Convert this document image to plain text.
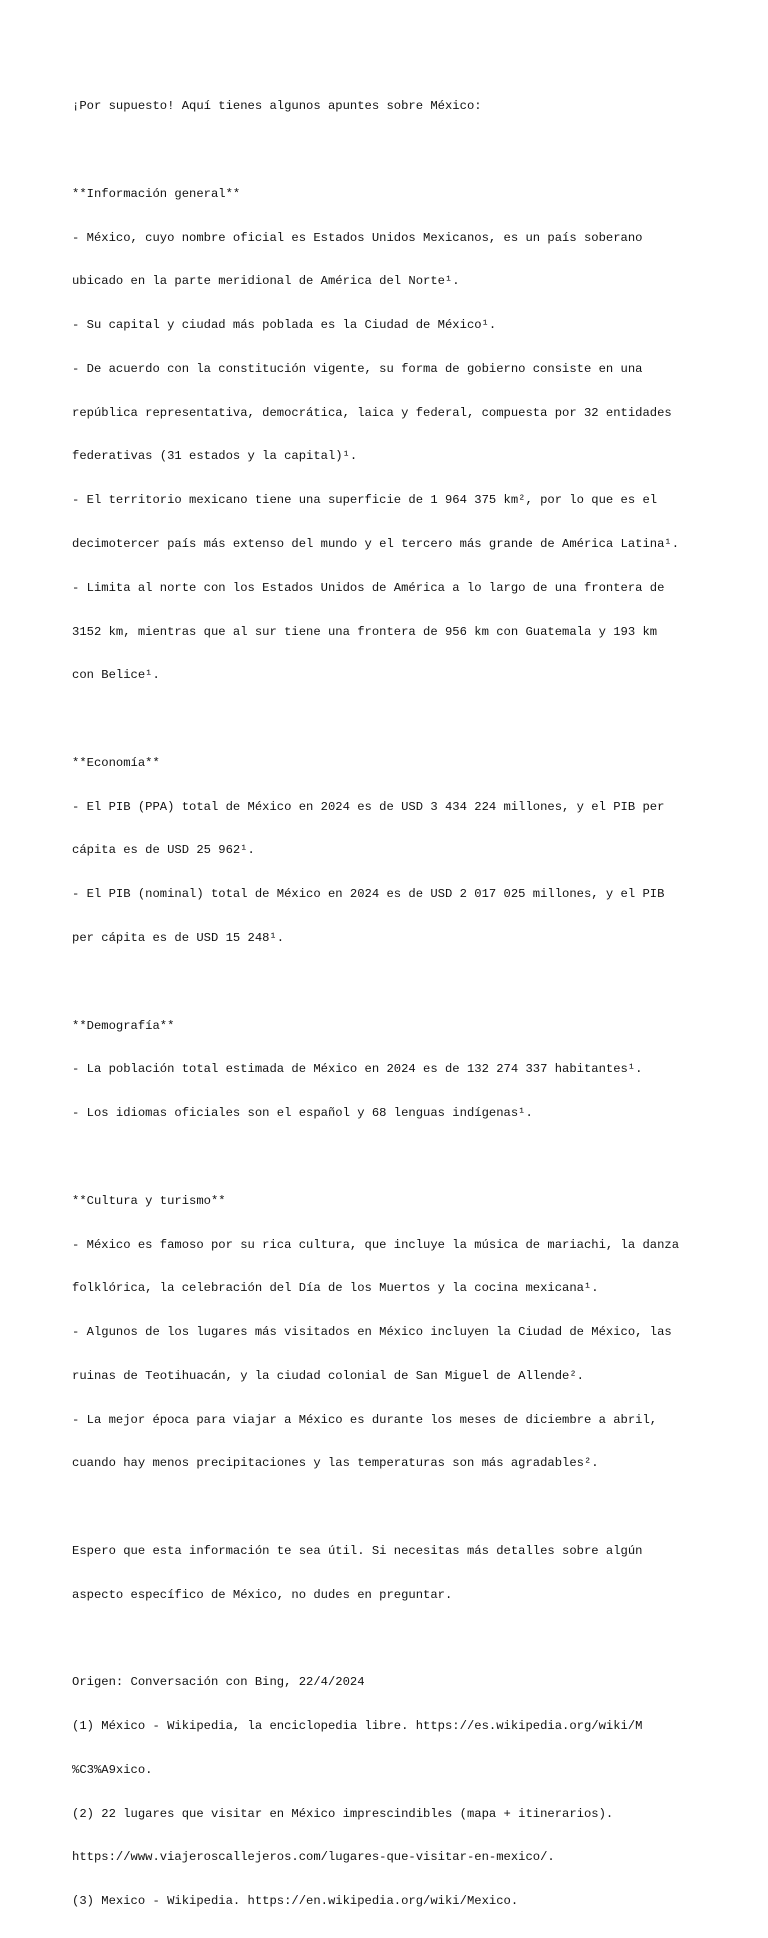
¡Por supuesto! Aquí tienes algunos apuntes sobre México:

**Información general**

- México, cuyo nombre oficial es Estados Unidos Mexicanos, es un país soberano

ubicado en la parte meridional de América del Norte¹.

- Su capital y ciudad más poblada es la Ciudad de México¹.

- De acuerdo con la constitución vigente, su forma de gobierno consiste en una

república representativa, democrática, laica y federal, compuesta por 32 entidades

federativas (31 estados y la capital)¹.

- El territorio mexicano tiene una superficie de 1 964 375 km², por lo que es el

decimotercer país más extenso del mundo y el tercero más grande de América Latina¹.

- Limita al norte con los Estados Unidos de América a lo largo de una frontera de

3152 km, mientras que al sur tiene una frontera de 956 km con Guatemala y 193 km

con Belice¹.

**Economía**

- El PIB (PPA) total de México en 2024 es de USD 3 434 224 millones, y el PIB per

cápita es de USD 25 962¹.

- El PIB (nominal) total de México en 2024 es de USD 2 017 025 millones, y el PIB

per cápita es de USD 15 248¹.

**Demografía**

- La población total estimada de México en 2024 es de 132 274 337 habitantes¹.

- Los idiomas oficiales son el español y 68 lenguas indígenas¹.

**Cultura y turismo**

- México es famoso por su rica cultura, que incluye la música de mariachi, la danza

folklórica, la celebración del Día de los Muertos y la cocina mexicana¹.

- Algunos de los lugares más visitados en México incluyen la Ciudad de México, las

ruinas de Teotihuacán, y la ciudad colonial de San Miguel de Allende².

- La mejor época para viajar a México es durante los meses de diciembre a abril,

cuando hay menos precipitaciones y las temperaturas son más agradables².

Espero que esta información te sea útil. Si necesitas más detalles sobre algún

aspecto específico de México, no dudes en preguntar.

Origen: Conversación con Bing, 22/4/2024

(1) México - Wikipedia, la enciclopedia libre. https://es.wikipedia.org/wiki/M

%C3%A9xico.

(2) 22 lugares que visitar en México imprescindibles (mapa + itinerarios).

https://www.viajeroscallejeros.com/lugares-que-visitar-en-mexico/.

(3) Mexico - Wikipedia. https://en.wikipedia.org/wiki/Mexico.
